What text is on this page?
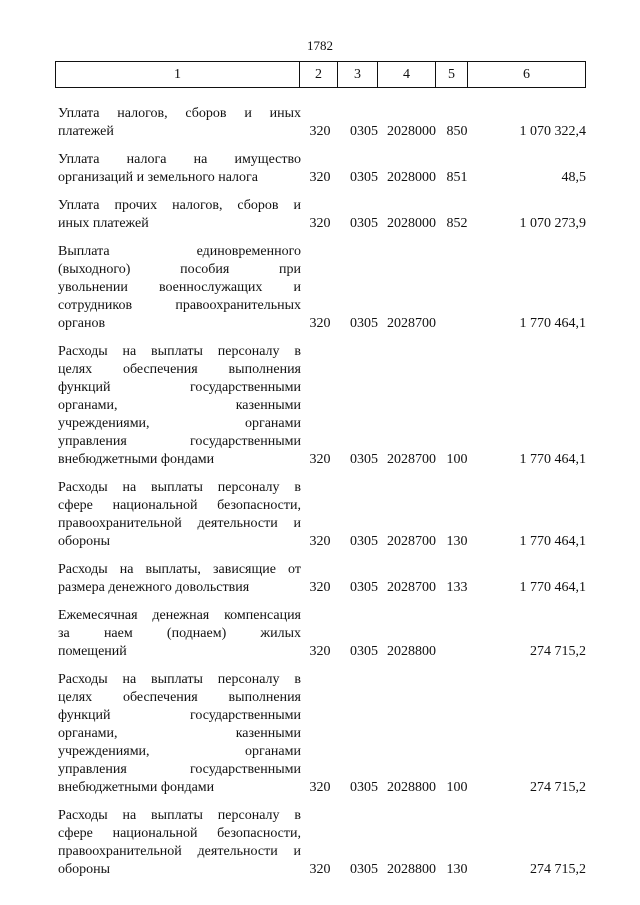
1782
1	2	3	4	5	6
Уплата налогов, сборов и иных
платежей	320	0305 2028000 850	1 070 322,4
Уплата налога на имущество
организаций и земельного налога	320	0305 2028000 851	48,5
Уплата прочих налогов, сборов и
иных платежей	320	0305 2028000 852	1 070 273,9
Выплата единовременного
(выходного) пособия при
увольнении военнослужащих и
сотрудников правоохранительных
органов	320	0305 2028700	1 770 464,1
Расходы на выплаты персоналу в
целях обеспечения выполнения
функций государственными
органами, казенными
учреждениями, органами
управления государственными
внебюджетными фондами	320	0305 2028700 100	1 770 464,1
Расходы на выплаты персоналу в
сфере национальной безопасности,
правоохранительной деятельности и
обороны	320	0305 2028700 130	1 770 464,1
Расходы на выплаты, зависящие от
размера денежного довольствия	320	0305 2028700 133	1 770 464,1
Ежемесячная денежная компенсация
за наем (поднаем) жилых
помещений	320	0305 2028800	274 715,2
Расходы на выплаты персоналу в
целях обеспечения выполнения
функций государственными
органами, казенными
учреждениями, органами
управления государственными
внебюджетными фондами	320	0305 2028800 100	274 715,2
Расходы на выплаты персоналу в
сфере национальной безопасности,
правоохранительной деятельности и
обороны	320	0305 2028800 130	274 715,2
